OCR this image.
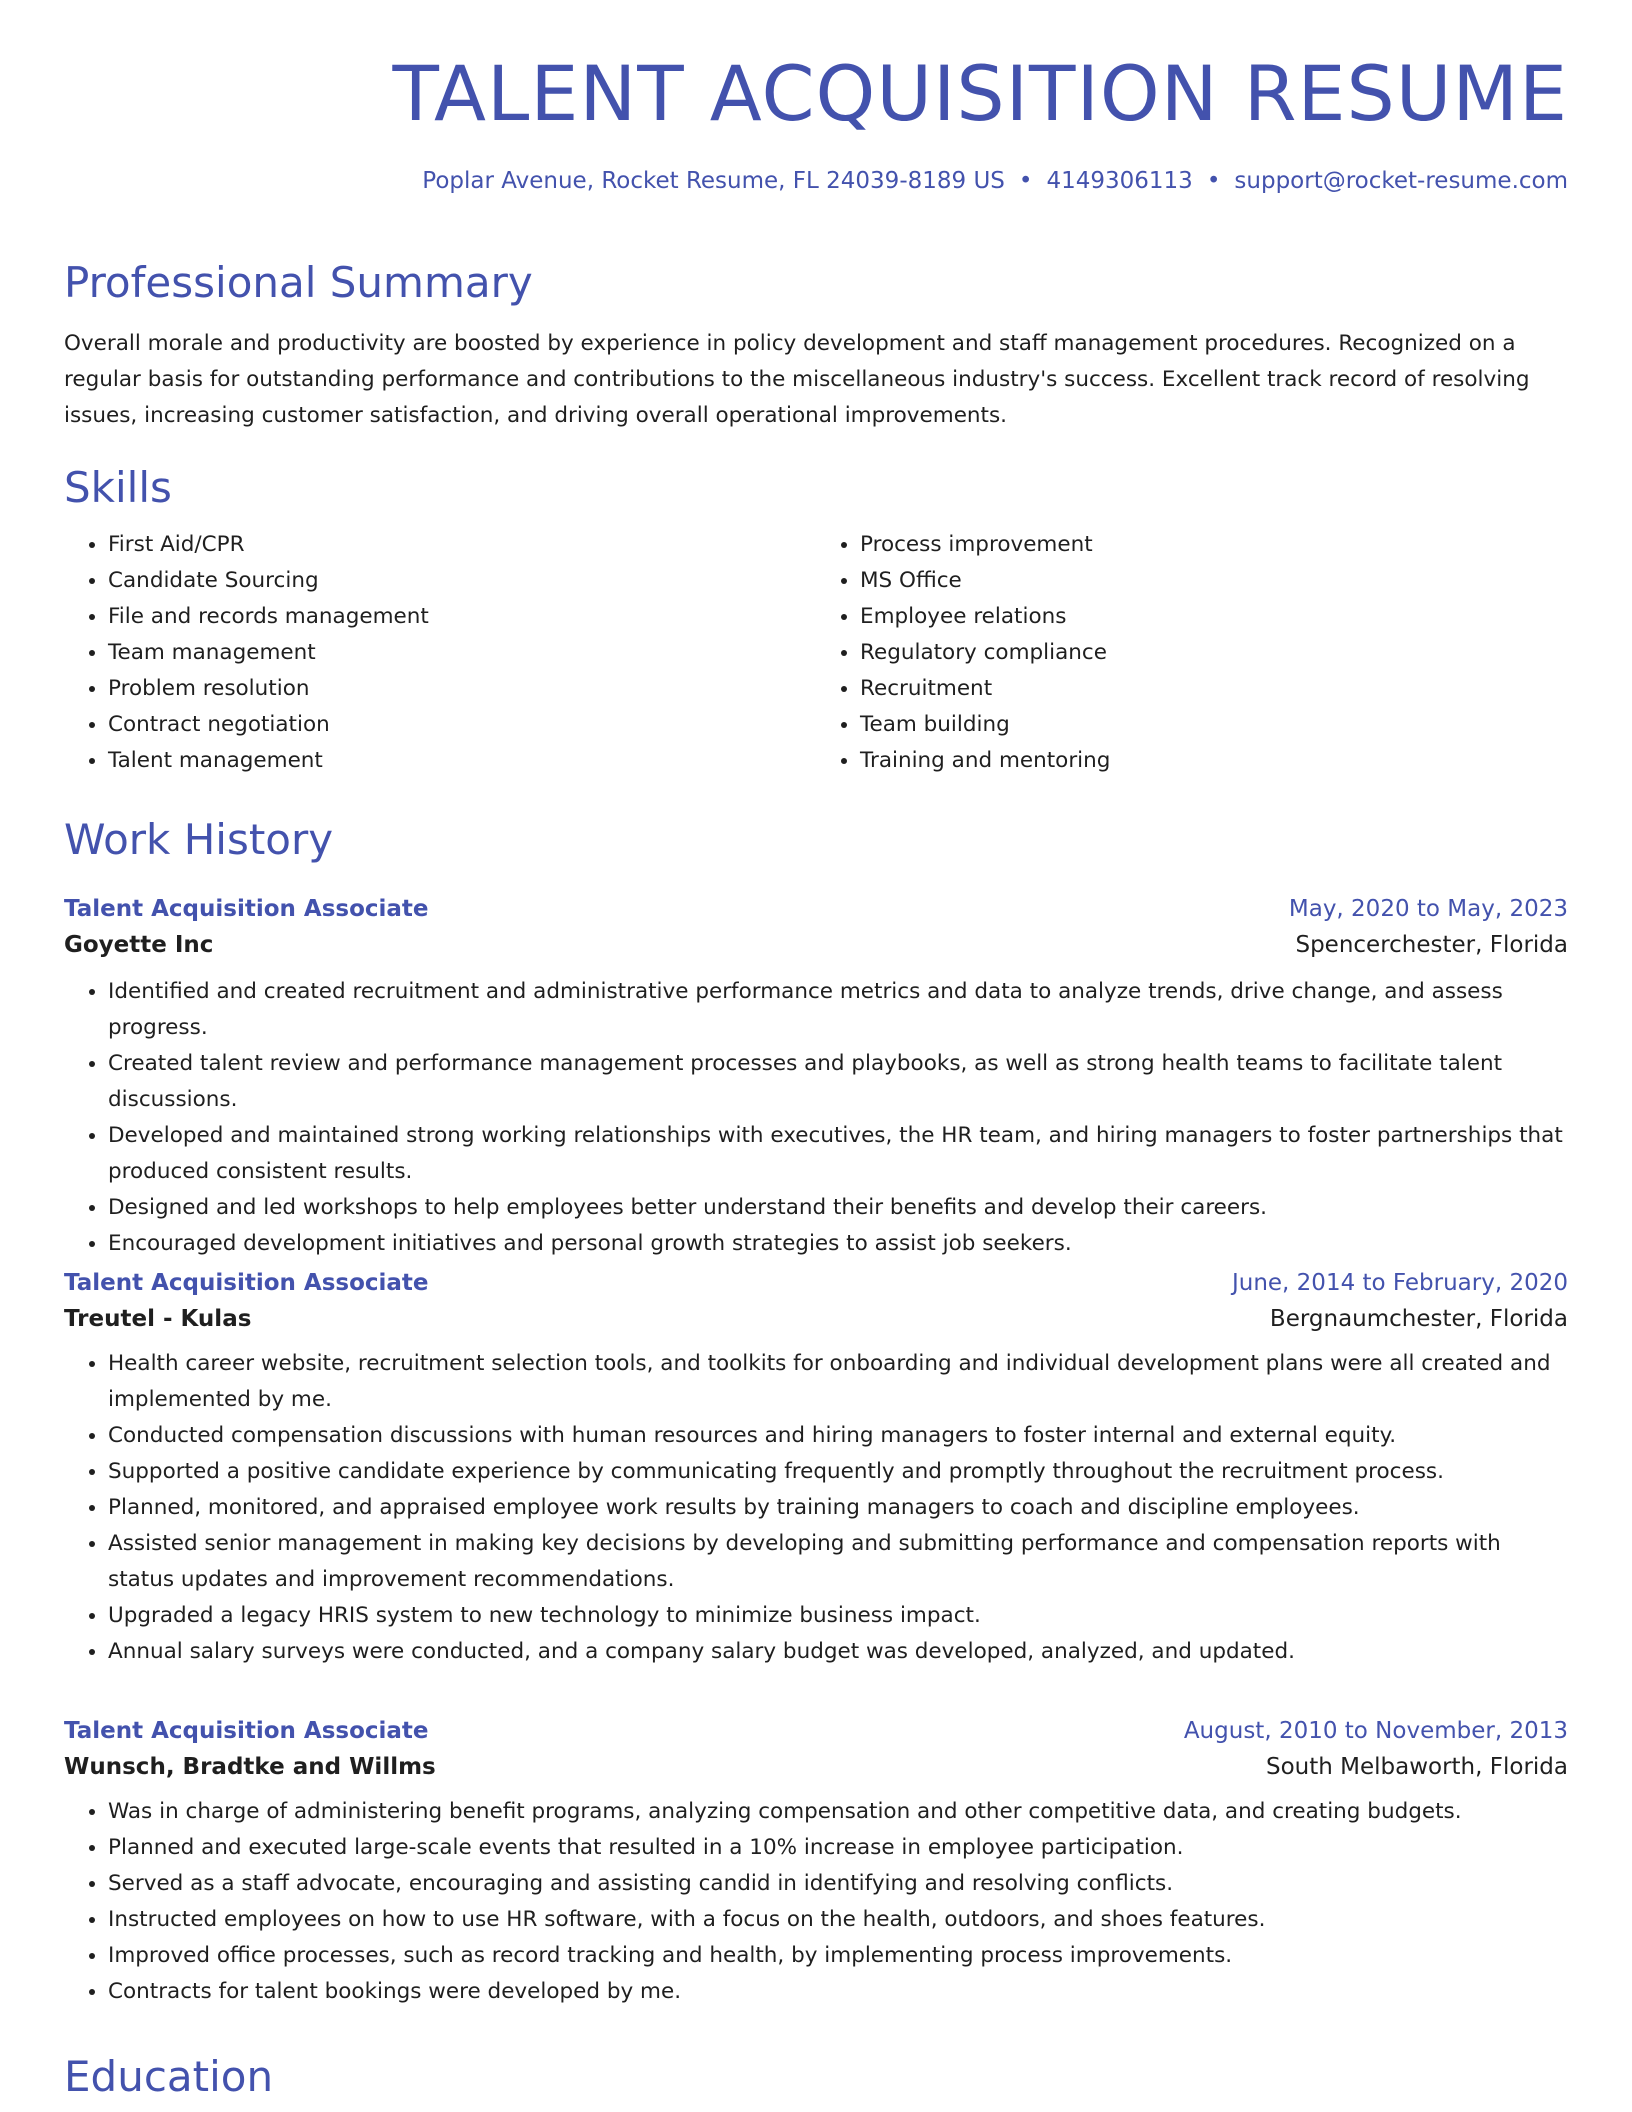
TALENT ACQUISITION RESUME
Poplar Avenue, Rocket Resume, FL 24039-8189 US • 4149306113 • support@rocket-resume.com
Professional Summary

Overall morale and productivity are boosted by experience in policy development and staff management procedures. Recognized on a regular basis for outstanding performance and contributions to the miscellaneous industry's success. Excellent track record of resolving issues, increasing customer satisfaction, and driving overall operational improvements.

Skills
• First Aid/CPR
• Candidate Sourcing
• File and records management
• Team management
• Problem resolution
• Contract negotiation
• Talent management
• Process improvement
• MS Office
• Employee relations
• Regulatory compliance
• Recruitment
• Team building
• Training and mentoring
Work History
Talent Acquisition Associate	May, 2020 to May, 2023
Goyette Inc	Spencerchester, Florida
• Identified and created recruitment and administrative performance metrics and data to analyze trends, drive change, and assess progress.
• Created talent review and performance management processes and playbooks, as well as strong health teams to facilitate talent discussions.
• Developed and maintained strong working relationships with executives, the HR team, and hiring managers to foster partnerships that produced consistent results.
• Designed and led workshops to help employees better understand their benefits and develop their careers.
• Encouraged development initiatives and personal growth strategies to assist job seekers.
Talent Acquisition Associate	June, 2014 to February, 2020
Treutel - Kulas	Bergnaumchester, Florida
• Health career website, recruitment selection tools, and toolkits for onboarding and individual development plans were all created and implemented by me.
• Conducted compensation discussions with human resources and hiring managers to foster internal and external equity.
• Supported a positive candidate experience by communicating frequently and promptly throughout the recruitment process.
• Planned, monitored, and appraised employee work results by training managers to coach and discipline employees.
• Assisted senior management in making key decisions by developing and submitting performance and compensation reports with status updates and improvement recommendations.
• Upgraded a legacy HRIS system to new technology to minimize business impact.
• Annual salary surveys were conducted, and a company salary budget was developed, analyzed, and updated.
Talent Acquisition Associate	August, 2010 to November, 2013
Wunsch, Bradtke and Willms	South Melbaworth, Florida
• Was in charge of administering benefit programs, analyzing compensation and other competitive data, and creating budgets.
• Planned and executed large-scale events that resulted in a 10% increase in employee participation.
• Served as a staff advocate, encouraging and assisting candid in identifying and resolving conflicts.
• Instructed employees on how to use HR software, with a focus on the health, outdoors, and shoes features.
• Improved office processes, such as record tracking and health, by implementing process improvements.
• Contracts for talent bookings were developed by me.
Education
